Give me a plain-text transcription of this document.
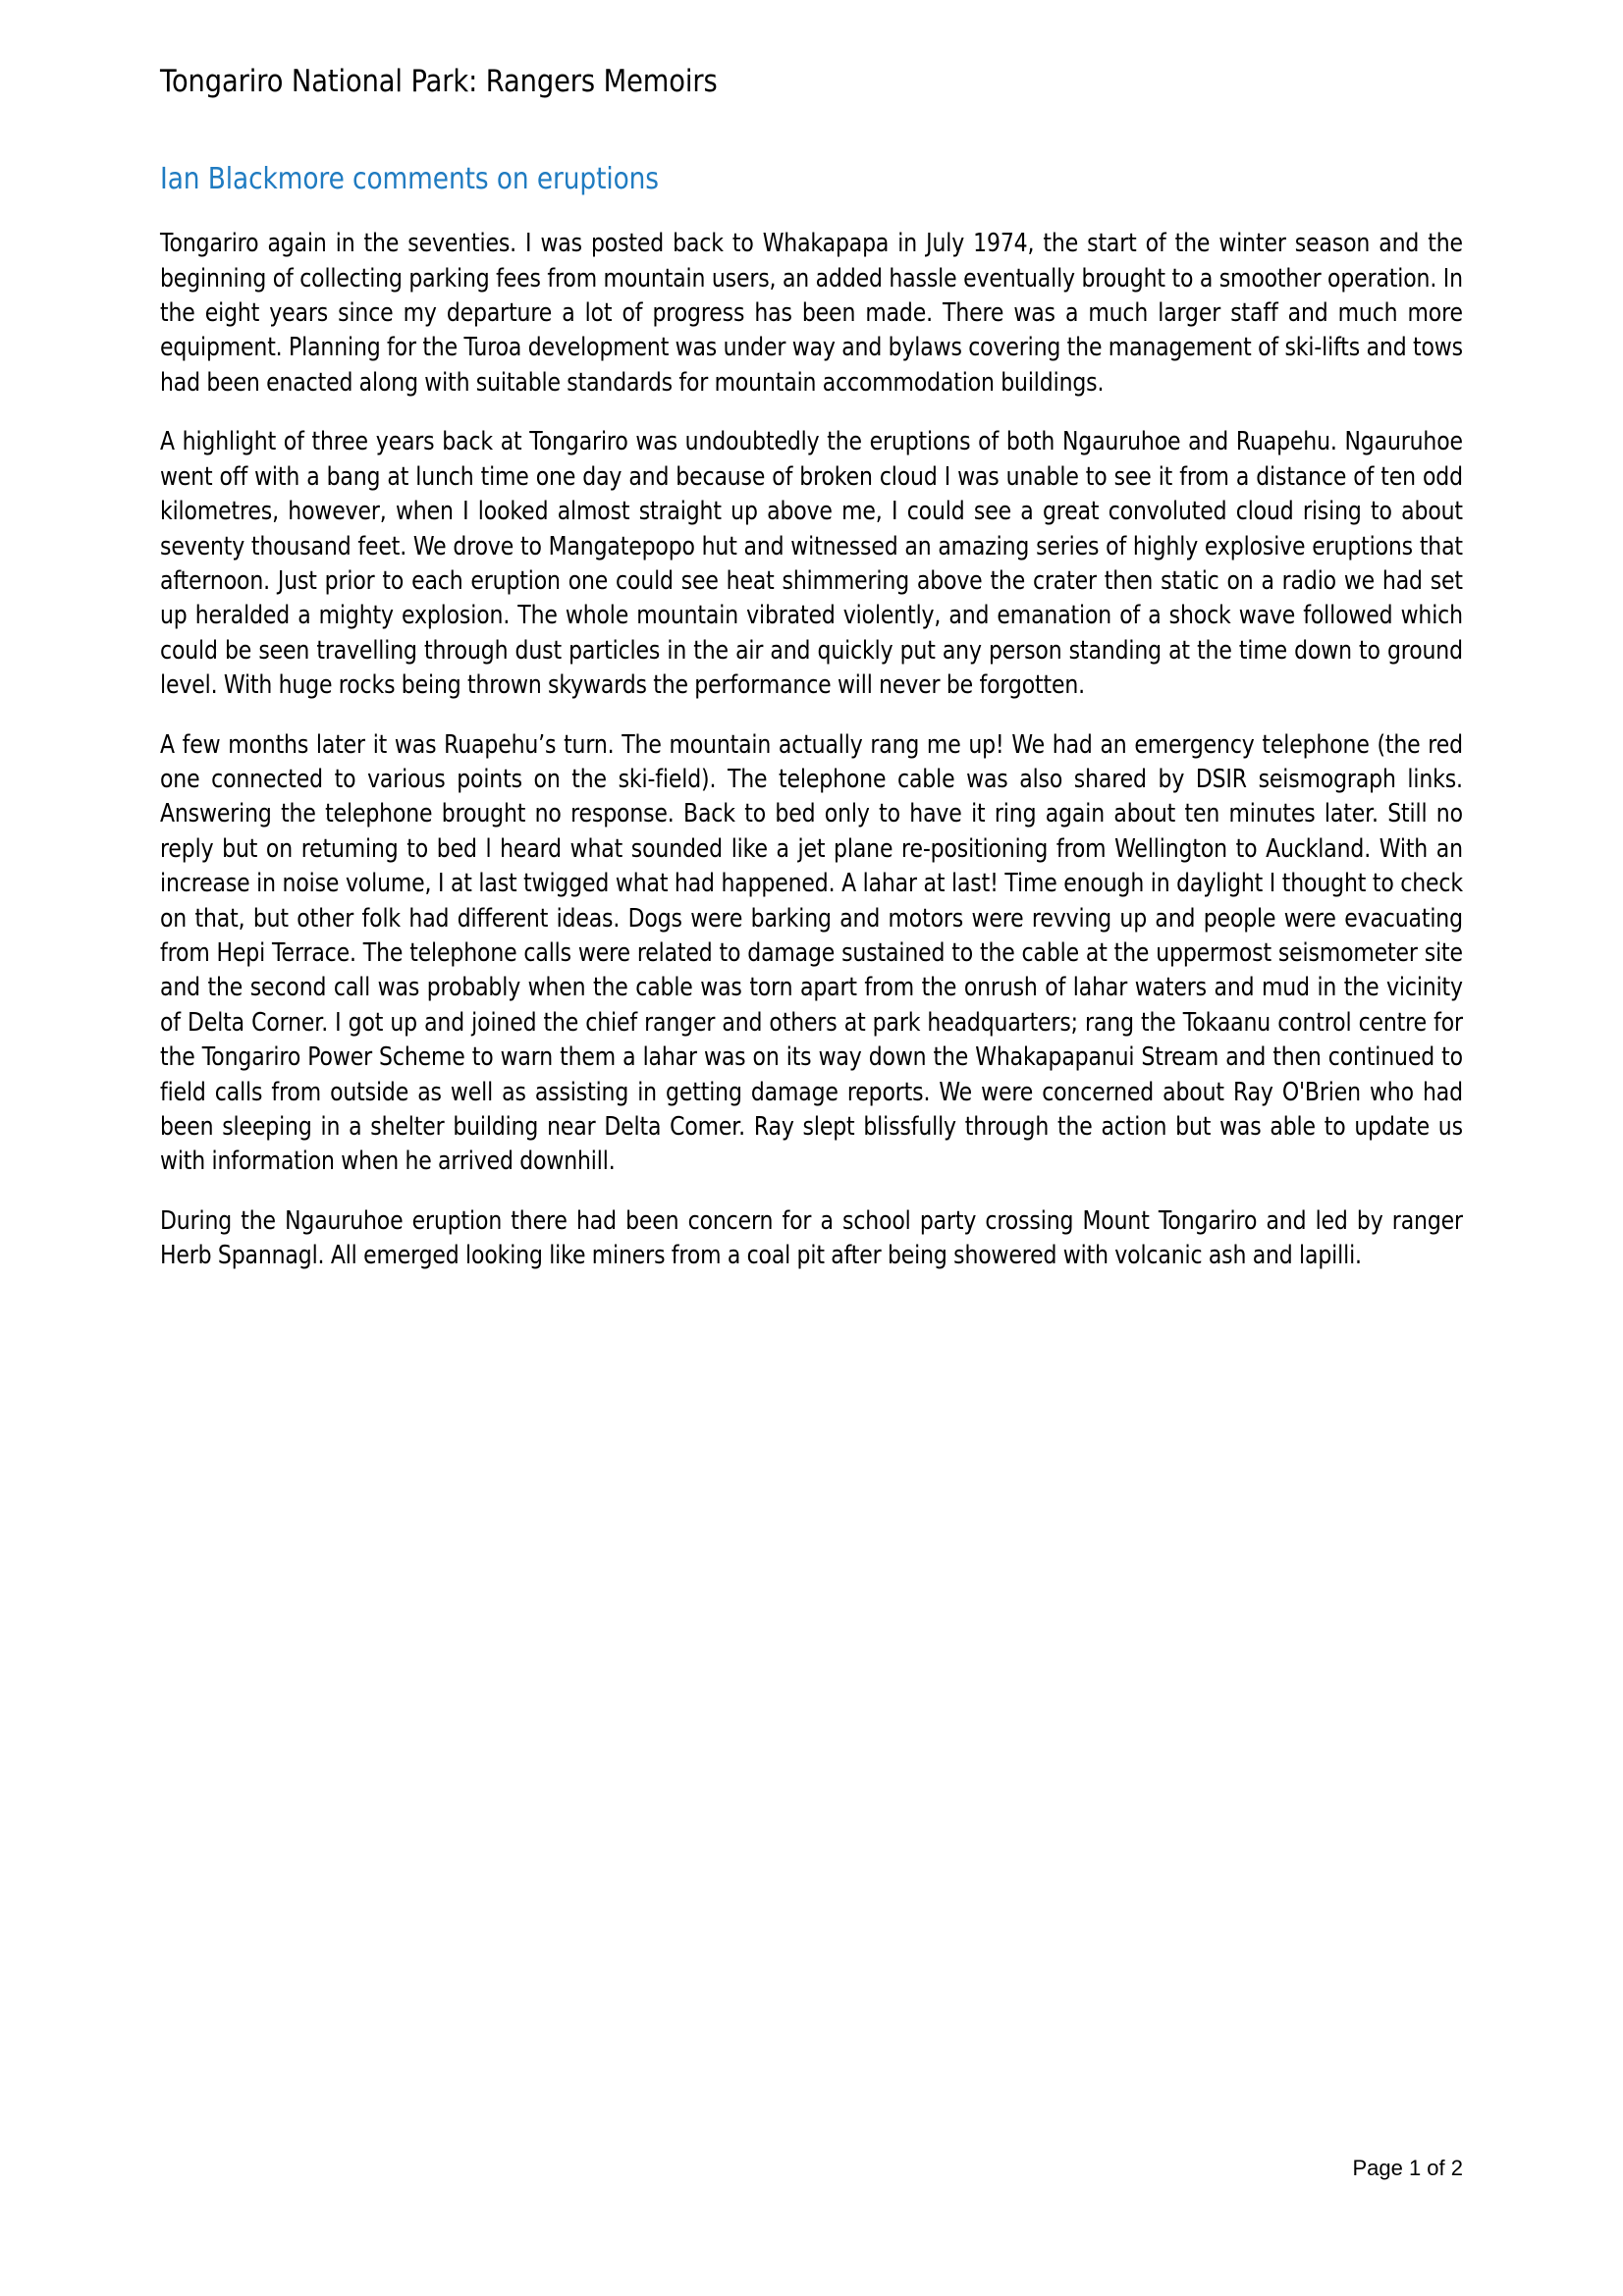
Tongariro National Park: Rangers Memoirs
Ian Blackmore comments on eruptions

Tongariro again in the seventies. I was posted back to Whakapapa in July 1974, the start of the winter season and the beginning of collecting parking fees from mountain users, an added hassle eventually brought to a smoother operation. In the eight years since my departure a lot of progress has been made. There was a much larger staff and much more equipment. Planning for the Turoa development was under way and bylaws covering the management of ski-lifts and tows had been enacted along with suitable standards for mountain accommodation buildings.

A highlight of three years back at Tongariro was undoubtedly the eruptions of both Ngauruhoe and Ruapehu. Ngauruhoe went off with a bang at lunch time one day and because of broken cloud I was unable to see it from a distance of ten odd kilometres, however, when I looked almost straight up above me, I could see a great convoluted cloud rising to about seventy thousand feet. We drove to Mangatepopo hut and witnessed an amazing series of highly explosive eruptions that afternoon. Just prior to each eruption one could see heat shimmering above the crater then static on a radio we had set up heralded a mighty explosion. The whole mountain vibrated violently, and emanation of a shock wave followed which could be seen travelling through dust particles in the air and quickly put any person standing at the time down to ground level. With huge rocks being thrown skywards the performance will never be forgotten.

A few months later it was Ruapehu’s turn. The mountain actually rang me up! We had an emergency telephone (the red one connected to various points on the ski-field). The telephone cable was also shared by DSIR seismograph links. Answering the telephone brought no response. Back to bed only to have it ring again about ten minutes later. Still no reply but on retuming to bed l heard what sounded like a jet plane re-positioning from Wellington to Auckland. With an increase in noise volume, I at last twigged what had happened. A lahar at last! Time enough in daylight I thought to check on that, but other folk had different ideas. Dogs were barking and motors were revving up and people were evacuating from Hepi Terrace. The telephone calls were related to damage sustained to the cable at the uppermost seismometer site and the second call was probably when the cable was torn apart from the onrush of lahar waters and mud in the vicinity of Delta Corner. I got up and joined the chief ranger and others at park headquarters; rang the Tokaanu control centre for the Tongariro Power Scheme to warn them a lahar was on its way down the Whakapapanui Stream and then continued to field calls from outside as well as assisting in getting damage reports. We were concerned about Ray O'Brien who had been sleeping in a shelter building near Delta Comer. Ray slept blissfully through the action but was able to update us with information when he arrived downhill.

During the Ngauruhoe eruption there had been concern for a school party crossing Mount Tongariro and led by ranger Herb Spannagl. All emerged looking like miners from a coal pit after being showered with volcanic ash and lapilli.

Page 1 of 2
